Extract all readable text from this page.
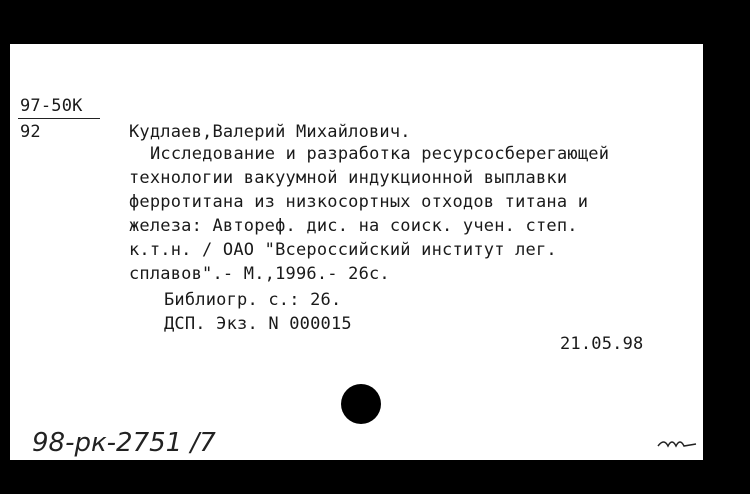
97-50K
92	Кудлаев,Валерий Михайлович.
Исследование и разработка ресурсосберегающей
технологии вакуумной индукционной выплавки
ферротитана из низкосортных отходов титана и
железа: Автореф. дис. на соиск. учен. степ.
к.т.н. / ОАО "Всероссийский институт лег.
сплавов".- М.,1996.- 26с.
Библиогр. с.: 26.
ДСП. Экз. N 000015
21.05.98
98-рк-2751 /7
